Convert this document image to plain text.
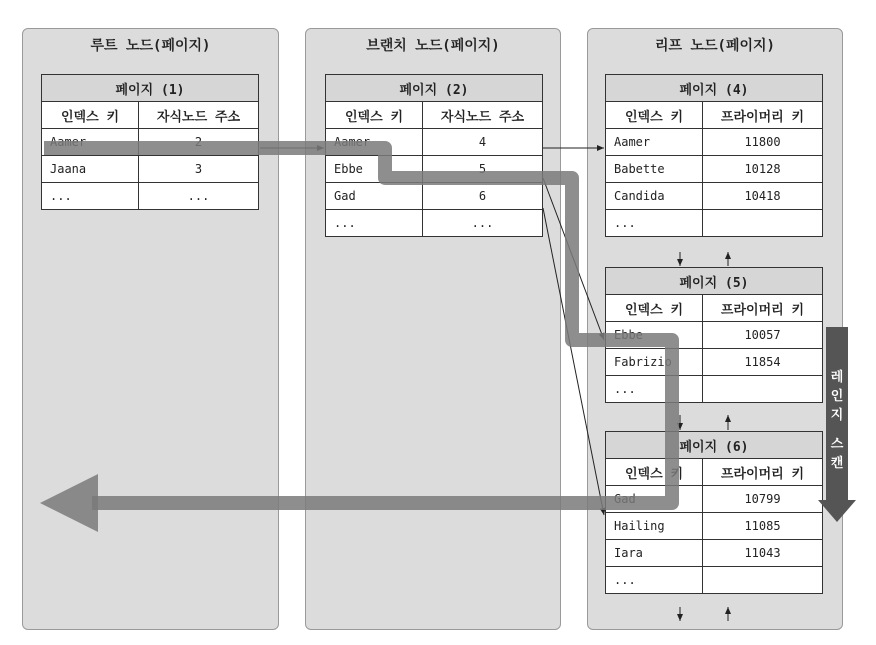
루트 노드(페이지)	브랜치 노드(페이지)	리프 노드(페이지)
페이지 (1)	
인덱스 키	자식노드 주소
Aamer	2
Jaana	3
...	...
페이지 (2)	
인덱스 키	자식노드 주소
Aamer	4
Ebbe	5
Gad	6
...	...
페이지 (4)	
인덱스 키	프라이머리 키
Aamer	11800
Babette	10128
Candida	10418
...	
페이지 (5)	
인덱스 키	프라이머리 키
Ebbe	10057
Fabrizio	11854
...	
페이지 (6)	
인덱스 키	프라이머리 키
Gad	10799
Hailing	11085
Iara	11043
...	
레
인
지
스
캔
